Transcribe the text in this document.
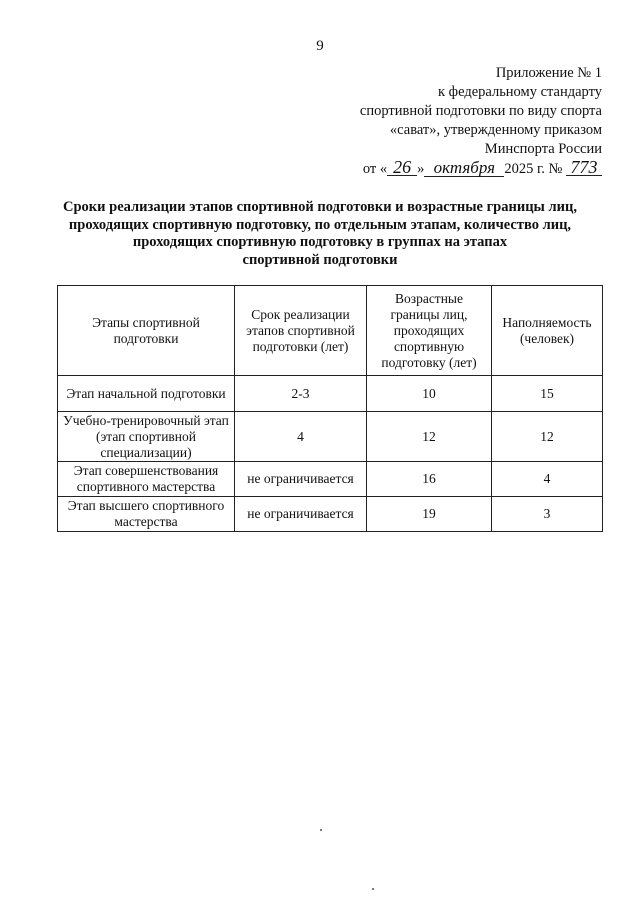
9
Приложение № 1
к федеральному стандарту
спортивной подготовки по виду спорта
«сават», утвержденному приказом
Минспорта России
от « 26 » октября 2025 г. № 773
Сроки реализации этапов спортивной подготовки и возрастные границы лиц,
проходящих спортивную подготовку, по отдельным этапам, количество лиц,
проходящих спортивную подготовку в группах на этапах
спортивной подготовки
Этапы спортивной подготовки	Срок реализации этапов спортивной подготовки (лет)	Возрастные границы лиц, проходящих спортивную подготовку (лет)	Наполняемость (человек)
Этап начальной подготовки	2-3	10	15
Учебно-тренировочный этап (этап спортивной специализации)	4	12	12
Этап совершенствования спортивного мастерства	не ограничивается	16	4
Этап высшего спортивного мастерства	не ограничивается	19	3
